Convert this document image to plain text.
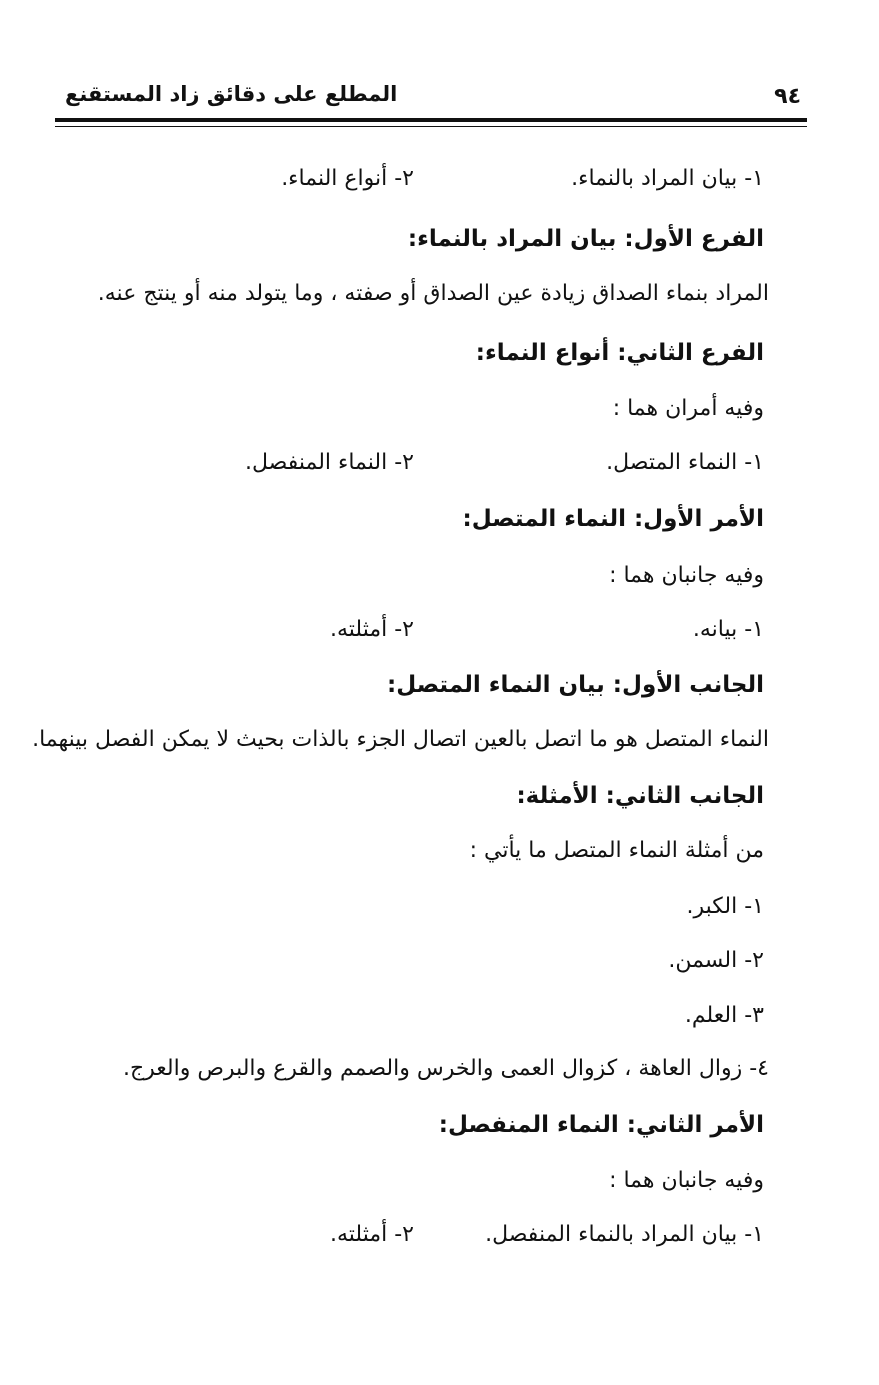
٩٤
المطلع على دقائق زاد المستقنع
١- بيان المراد بالنماء.
٢- أنواع النماء.
الفرع الأول: بيان المراد بالنماء:
المراد بنماء الصداق زيادة عين الصداق أو صفته ، وما يتولد منه أو ينتج عنه.
الفرع الثاني: أنواع النماء:
وفيه أمران هما :
١- النماء المتصل.
٢- النماء المنفصل.
الأمر الأول: النماء المتصل:
وفيه جانبان هما :
١- بيانه.
٢- أمثلته.
الجانب الأول: بيان النماء المتصل:
النماء المتصل هو ما اتصل بالعين اتصال الجزء بالذات بحيث لا يمكن الفصل بينهما.
الجانب الثاني: الأمثلة:
من أمثلة النماء المتصل ما يأتي :
١- الكبر.
٢- السمن.
٣- العلم.
٤- زوال العاهة ، كزوال العمى والخرس والصمم والقرع والبرص والعرج.
الأمر الثاني: النماء المنفصل:
وفيه جانبان هما :
١- بيان المراد بالنماء المنفصل.
٢- أمثلته.
